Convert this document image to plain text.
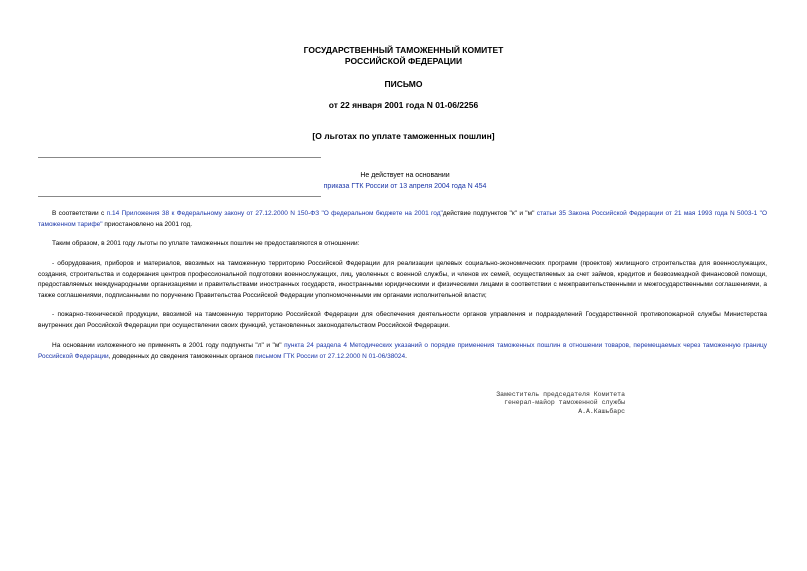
ГОСУДАРСТВЕННЫЙ ТАМОЖЕННЫЙ КОМИТЕТ
РОССИЙСКОЙ ФЕДЕРАЦИИ
ПИСЬМО
от 22 января 2001 года N 01-06/2256
[О льготах по уплате таможенных пошлин]
Не действует на основании
приказа ГТК России от 13 апреля 2004 года N 454
В соответствии с п.14 Приложения 38 к Федеральному закону от 27.12.2000 N 150-ФЗ "О федеральном бюджете на 2001 год"действие подпунктов "к" и "м" статьи 35 Закона Российской Федерации от 21 мая 1993 года N 5003-1 "О таможенном тарифе" приостановлено на 2001 год.
Таким образом, в 2001 году льготы по уплате таможенных пошлин не предоставляются в отношении:
- оборудования, приборов и материалов, ввозимых на таможенную территорию Российской Федерации для реализации целевых социально-экономических программ (проектов) жилищного строительства для военнослужащих, создания, строительства и содержания центров профессиональной подготовки военнослужащих, лиц, уволенных с военной службы, и членов их семей, осуществляемых за счет займов, кредитов и безвозмездной финансовой помощи, предоставляемых международными организациями и правительствами иностранных государств, иностранными юридическими и физическими лицами в соответствии с межправительственными и межгосударственными соглашениями, а также соглашениями, подписанными по поручению Правительства Российской Федерации уполномоченными им органами исполнительной власти;
- пожарно-технической продукции, ввозимой на таможенную территорию Российской Федерации для обеспечения деятельности органов управления и подразделений Государственной противопожарной службы Министерства внутренних дел Российской Федерации при осуществлении своих функций, установленных законодательством Российской Федерации.
На основании изложенного не применять в 2001 году подпункты "л" и "м" пункта 24 раздела 4 Методических указаний о порядке применения таможенных пошлин в отношении товаров, перемещаемых через таможенную границу Российской Федерации, доведенных до сведения таможенных органов письмом ГТК России от 27.12.2000 N 01-06/38024.
Заместитель председателя Комитета
генерал-майор таможенной службы
А.А.Кашьбарс
